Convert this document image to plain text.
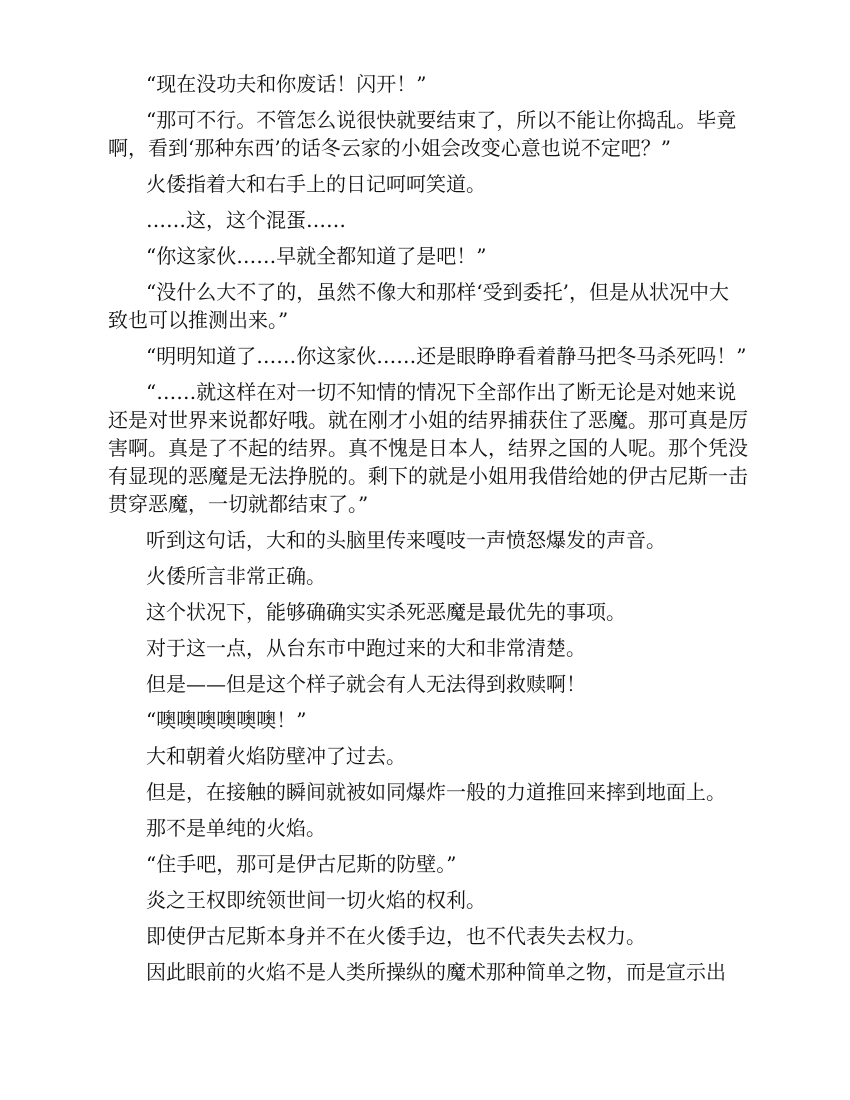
“现在没功夫和你废话！闪开！”

“那可不行。不管怎么说很快就要结束了，所以不能让你捣乱。毕竟啊，看到‘那种东西’的话冬云家的小姐会改变心意也说不定吧？”

火倭指着大和右手上的日记呵呵笑道。

……这，这个混蛋……

“你这家伙……早就全都知道了是吧！”

“没什么大不了的，虽然不像大和那样‘受到委托’，但是从状况中大致也可以推测出来。”

“明明知道了……你这家伙……还是眼睁睁看着静马把冬马杀死吗！”

“……就这样在对一切不知情的情况下全部作出了断无论是对她来说还是对世界来说都好哦。就在刚才小姐的结界捕获住了恶魔。那可真是厉害啊。真是了不起的结界。真不愧是日本人，结界之国的人呢。那个凭没有显现的恶魔是无法挣脱的。剩下的就是小姐用我借给她的伊古尼斯一击贯穿恶魔，一切就都结束了。”

听到这句话，大和的头脑里传来嘎吱一声愤怒爆发的声音。

火倭所言非常正确。

这个状况下，能够确确实实杀死恶魔是最优先的事项。

对于这一点，从台东市中跑过来的大和非常清楚。

但是——但是这个样子就会有人无法得到救赎啊！

“噢噢噢噢噢噢！”

大和朝着火焰防壁冲了过去。

但是，在接触的瞬间就被如同爆炸一般的力道推回来摔到地面上。

那不是单纯的火焰。

“住手吧，那可是伊古尼斯的防壁。”

炎之王权即统领世间一切火焰的权利。

即使伊古尼斯本身并不在火倭手边，也不代表失去权力。

因此眼前的火焰不是人类所操纵的魔术那种简单之物，而是宣示出
